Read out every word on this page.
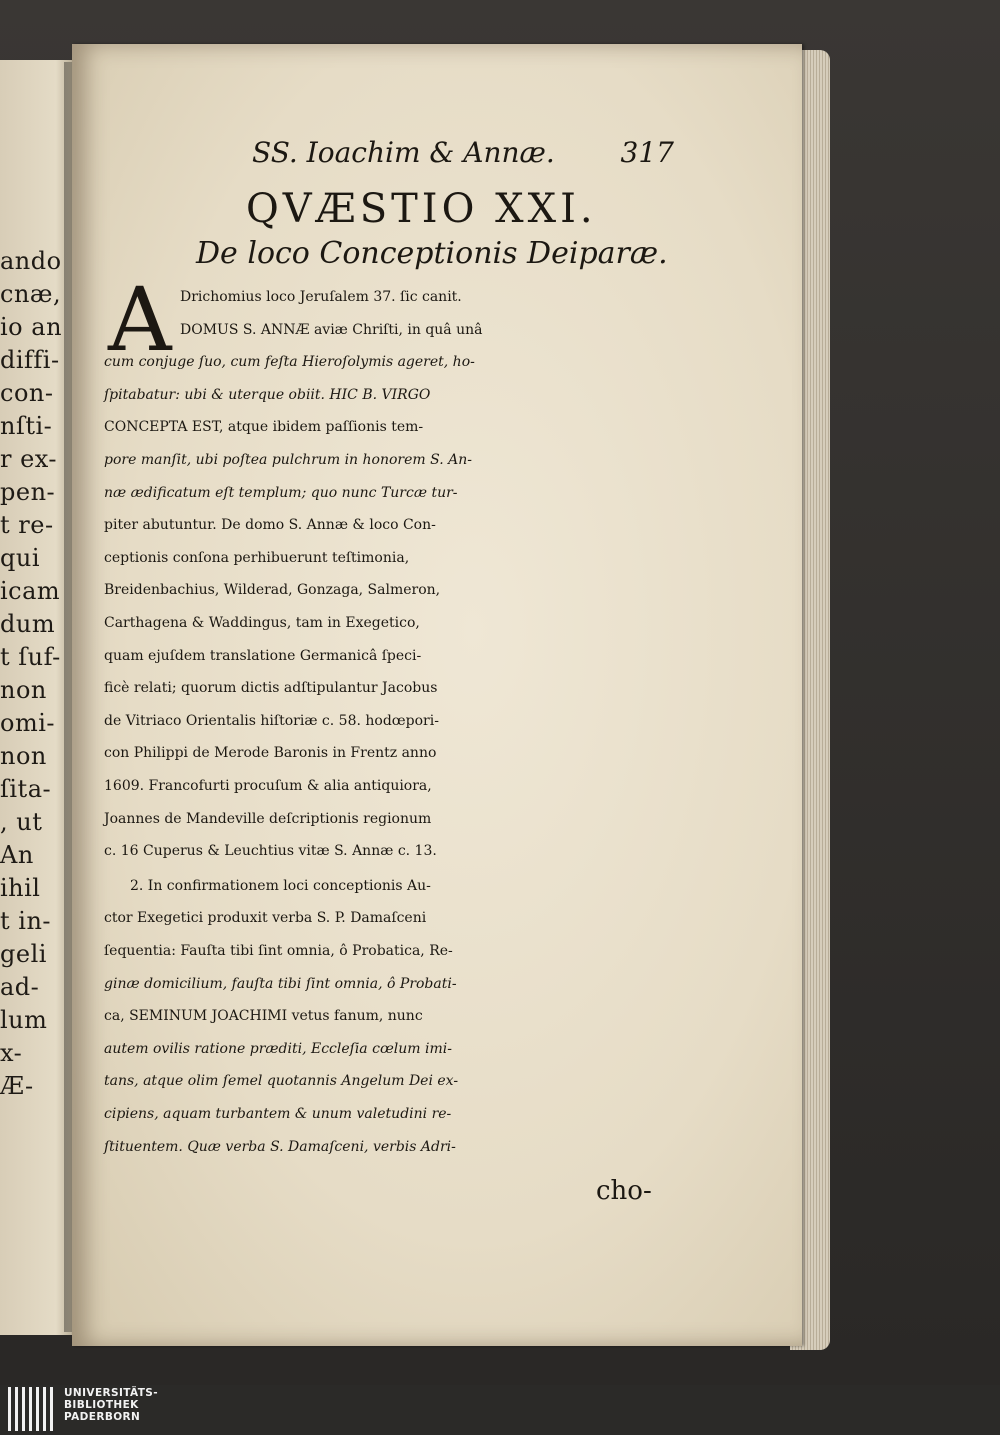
ando
cnæ,
io an
diffi-
con-
nſti-
r ex-
pen-
t re-
qui
icam
dum
t ſuf-
non
omi-
non
ſita-
, ut
An
ihil
t in-
geli
ad-
lum
x-
Æ-
SS. Ioachim & Annæ. 317
QVÆSTIO XXI.
De loco Conceptionis Deiparæ.
A Drichomius loco Jeruſalem 37. ſic canit.
DOMUS S. ANNÆ aviæ Chriſti, in quâ unâ
cum conjuge ſuo, cum feſta Hieroſolymis ageret, ho-
ſpitabatur: ubi & uterque obiit. HIC B. VIRGO
CONCEPTA EST, atque ibidem paſſionis tem-
pore manſit, ubi poſtea pulchrum in honorem S. An-
næ ædificatum eſt templum; quo nunc Turcæ tur-
piter abutuntur. De domo S. Annæ & loco Con-
ceptionis conſona perhibuerunt teſtimonia,
Breidenbachius, Wilderad, Gonzaga, Salmeron,
Carthagena & Waddingus, tam in Exegetico,
quam ejuſdem translatione Germanicâ ſpeci-
ficè relati; quorum dictis adſtipulantur Jacobus
de Vitriaco Orientalis hiſtoriæ c. 58. hodœpori-
con Philippi de Merode Baronis in Frentz anno
1609. Francofurti procuſum & alia antiquiora,
Joannes de Mandeville deſcriptionis regionum
c. 16 Cuperus & Leuchtius vitæ S. Annæ c. 13.
2. In confirmationem loci conceptionis Au-
ctor Exegetici produxit verba S. P. Damaſceni
ſequentia: Fauſta tibi ſint omnia, ô Probatica, Re-
ginæ domicilium, fauſta tibi ſint omnia, ô Probati-
ca, SEMINUM JOACHIMI vetus fanum, nunc
autem ovilis ratione præditi, Eccleſia cœlum imi-
tans, atque olim ſemel quotannis Angelum Dei ex-
cipiens, aquam turbantem & unum valetudini re-
ſtituentem. Quæ verba S. Damaſceni, verbis Adri-
cho-
UNIVERSITÄTS-
BIBLIOTHEK
PADERBORN
